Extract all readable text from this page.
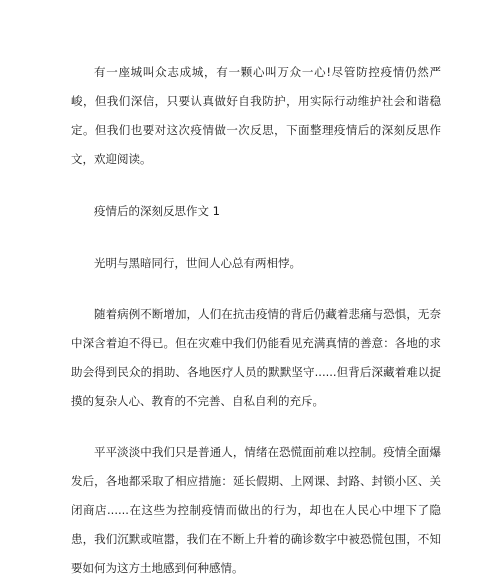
有一座城叫众志成城，有一颗心叫万众一心!尽管防控疫情仍然严峻，但我们深信，只要认真做好自我防护，用实际行动维护社会和谐稳定。但我们也要对这次疫情做一次反思，下面整理疫情后的深刻反思作文，欢迎阅读。

疫情后的深刻反思作文 1

光明与黑暗同行，世间人心总有两相悖。

随着病例不断增加，人们在抗击疫情的背后仍藏着悲痛与恐惧，无奈中深含着迫不得已。但在灾难中我们仍能看见充满真情的善意：各地的求助会得到民众的捐助、各地医疗人员的默默坚守......但背后深藏着难以捉摸的复杂人心、教育的不完善、自私自利的充斥。

平平淡淡中我们只是普通人，情绪在恐慌面前难以控制。疫情全面爆发后，各地都采取了相应措施：延长假期、上网课、封路、封锁小区、关闭商店......在这些为控制疫情而做出的行为，却也在人民心中埋下了隐患，我们沉默或喧嚣，我们在不断上升着的确诊数字中被恐慌包围，不知要如何为这方土地感到何种感情。
